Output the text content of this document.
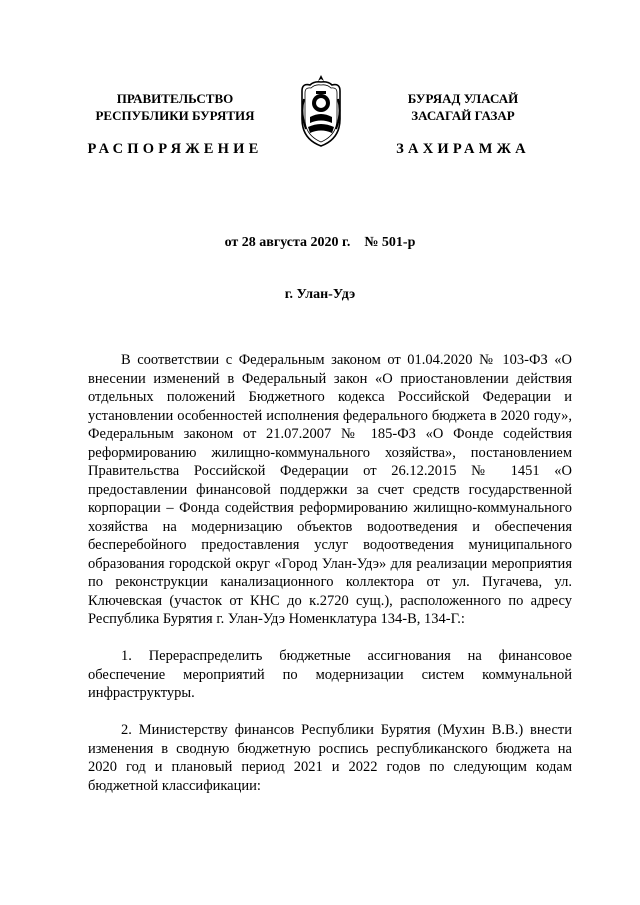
ПРАВИТЕЛЬСТВО
РЕСПУБЛИКИ БУРЯТИЯ
БУРЯАД УЛАСАЙ
ЗАСАГАЙ ГАЗАР
РАСПОРЯЖЕНИЕ	ЗАХИРАМЖА
от 28 августа 2020 г. № 501-р
г. Улан-Удэ

В соответствии с Федеральным законом от 01.04.2020 № 103-ФЗ «О внесении изменений в Федеральный закон «О приостановлении действия отдельных положений Бюджетного кодекса Российской Федерации и установлении особенностей исполнения федерального бюджета в 2020 году», Федеральным законом от 21.07.2007 № 185-ФЗ «О Фонде содействия реформированию жилищно-коммунального хозяйства», постановлением Правительства Российской Федерации от 26.12.2015 № 1451 «О предоставлении финансовой поддержки за счет средств государственной корпорации – Фонда содействия реформированию жилищно-коммунального хозяйства на модернизацию объектов водоотведения и обеспечения бесперебойного предоставления услуг водоотведения муниципального образования городской округ «Город Улан-Удэ» для реализации мероприятия по реконструкции канализационного коллектора от ул. Пугачева, ул. Ключевская (участок от КНС до к.2720 сущ.), расположенного по адресу Республика Бурятия г. Улан-Удэ Номенклатура 134-В, 134-Г.:

1. Перераспределить бюджетные ассигнования на финансовое обеспечение мероприятий по модернизации систем коммунальной инфраструктуры.

2. Министерству финансов Республики Бурятия (Мухин В.В.) внести изменения в сводную бюджетную роспись республиканского бюджета на 2020 год и плановый период 2021 и 2022 годов по следующим кодам бюджетной классификации:
